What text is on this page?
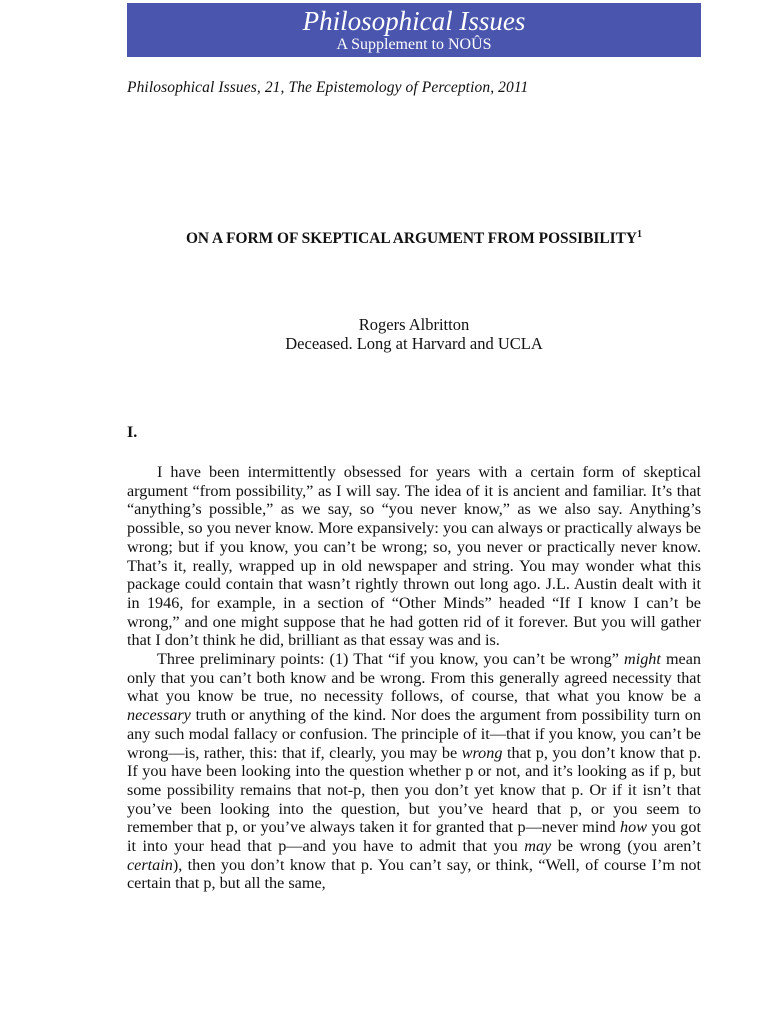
Philosophical Issues
A Supplement to NOÛS
Philosophical Issues, 21, The Epistemology of Perception, 2011
ON A FORM OF SKEPTICAL ARGUMENT FROM POSSIBILITY$^1$
Rogers Albritton
Deceased. Long at Harvard and UCLA
I.

I have been intermittently obsessed for years with a certain form of skeptical argument “from possibility,” as I will say. The idea of it is ancient and familiar. It’s that “anything’s possible,” as we say, so “you never know,” as we also say. Anything’s possible, so you never know. More expansively: you can always or practically always be wrong; but if you know, you can’t be wrong; so, you never or practically never know. That’s it, really, wrapped up in old newspaper and string. You may wonder what this package could contain that wasn’t rightly thrown out long ago. J.L. Austin dealt with it in 1946, for example, in a section of “Other Minds” headed “If I know I can’t be wrong,” and one might suppose that he had gotten rid of it forever. But you will gather that I don’t think he did, brilliant as that essay was and is.

Three preliminary points: (1) That “if you know, you can’t be wrong” might mean only that you can’t both know and be wrong. From this generally agreed necessity that what you know be true, no necessity follows, of course, that what you know be a necessary truth or anything of the kind. Nor does the argument from possibility turn on any such modal fallacy or confusion. The principle of it—that if you know, you can’t be wrong—is, rather, this: that if, clearly, you may be wrong that p, you don’t know that p. If you have been looking into the question whether p or not, and it’s looking as if p, but some possibility remains that not-p, then you don’t yet know that p. Or if it isn’t that you’ve been looking into the question, but you’ve heard that p, or you seem to remember that p, or you’ve always taken it for granted that p—never mind how you got it into your head that p—and you have to admit that you may be wrong (you aren’t certain), then you don’t know that p. You can’t say, or think, “Well, of course I’m not certain that p, but all the same,
